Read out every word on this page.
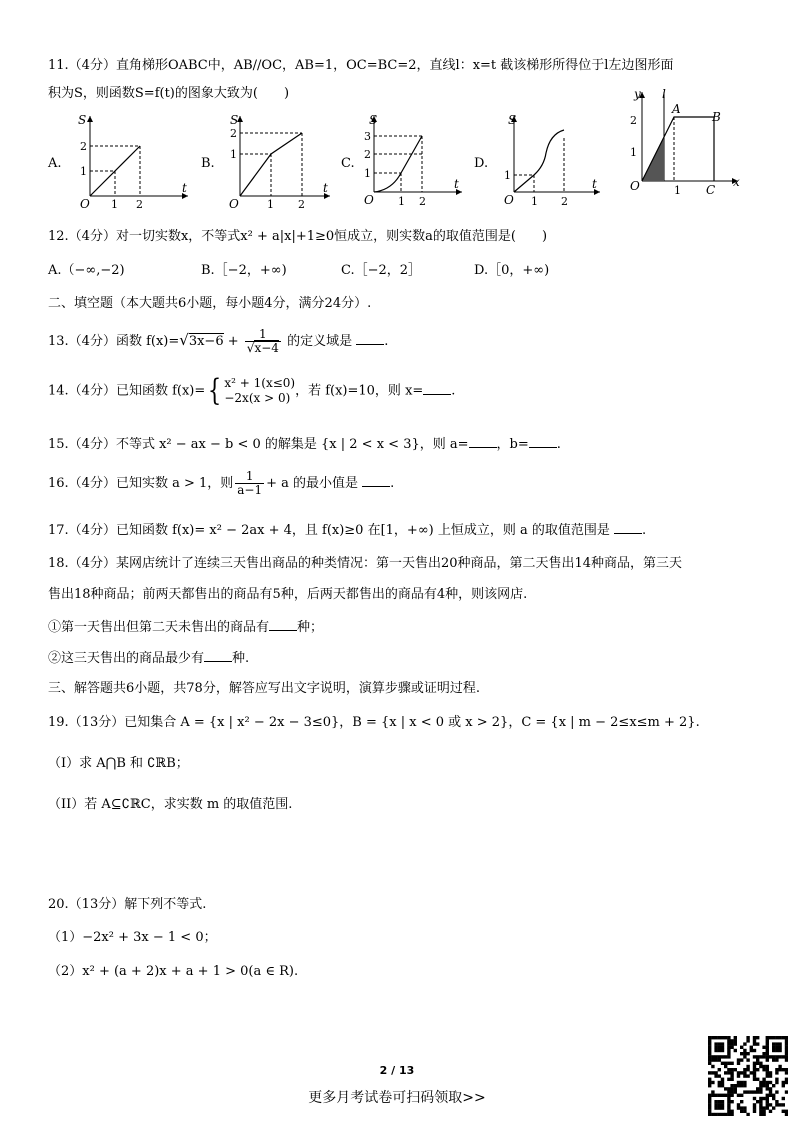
11.（4分）直角梯形OABC中，AB//OC，AB=1，OC=BC=2，直线l：x=t 截该梯形所得位于l左边图形面
积为S，则函数S=f(t)的图象大致为(　　)
A.	B.	C.	D.
S
2
1
O 1 2
t
S
2
1
O	1 2
t
S
3
2
1
O 1 2
t
S
1
O 1 2
t
y l
A
B
2
1
O	1 C
x
12.（4分）对一切实数x，不等式x² + a|x|+1≥0恒成立，则实数a的取值范围是(　　)
A.（−∞,−2)	B.［−2，+∞)	C.［−2，2］	D.［0，+∞)
二、填空题（本大题共6小题，每小题4分，满分24分）.
13.（4分）函数 $f(x)=√3x-6 + \frac{1}{√x-4}$ 的定义域是 .
14.（4分）已知函数 f(x)={ x² + 1(x≤0)
−2x(x > 0) ，若 f(x)=10，则 x= .
15.（4分）不等式 x² − ax − b < 0 的解集是 {x | 2 < x < 3}，则 a= ，b= .
16.（4分）已知实数 a > 1，则 $\frac{1}{a-1} + a$ 的最小值是 .
17.（4分）已知函数 f(x)= x² − 2ax + 4，且 f(x)≥0 在[1，+∞) 上恒成立，则 a 的取值范围是 .
18.（4分）某网店统计了连续三天售出商品的种类情况：第一天售出20种商品，第二天售出14种商品，第三天
售出18种商品；前两天都售出的商品有5种，后两天都售出的商品有4种，则该网店.
①第一天售出但第二天未售出的商品有 种；
②这三天售出的商品最少有 种.
三、解答题共6小题，共78分，解答应写出文字说明，演算步骤或证明过程.
19.（13分）已知集合 A = {x | x² − 2x − 3≤0}，B = {x | x < 0 或 x > 2}，C = {x | m − 2≤x≤m + 2}.
（I）求 A⋂B 和 ∁ℝB；
（II）若 A⊆∁ℝC，求实数 m 的取值范围.
20.（13分）解下列不等式.
（1）−2x² + 3x − 1 < 0；
（2）x² + (a + 2)x + a + 1 > 0(a ∈ R).
2 / 13
更多月考试卷可扫码领取>>
